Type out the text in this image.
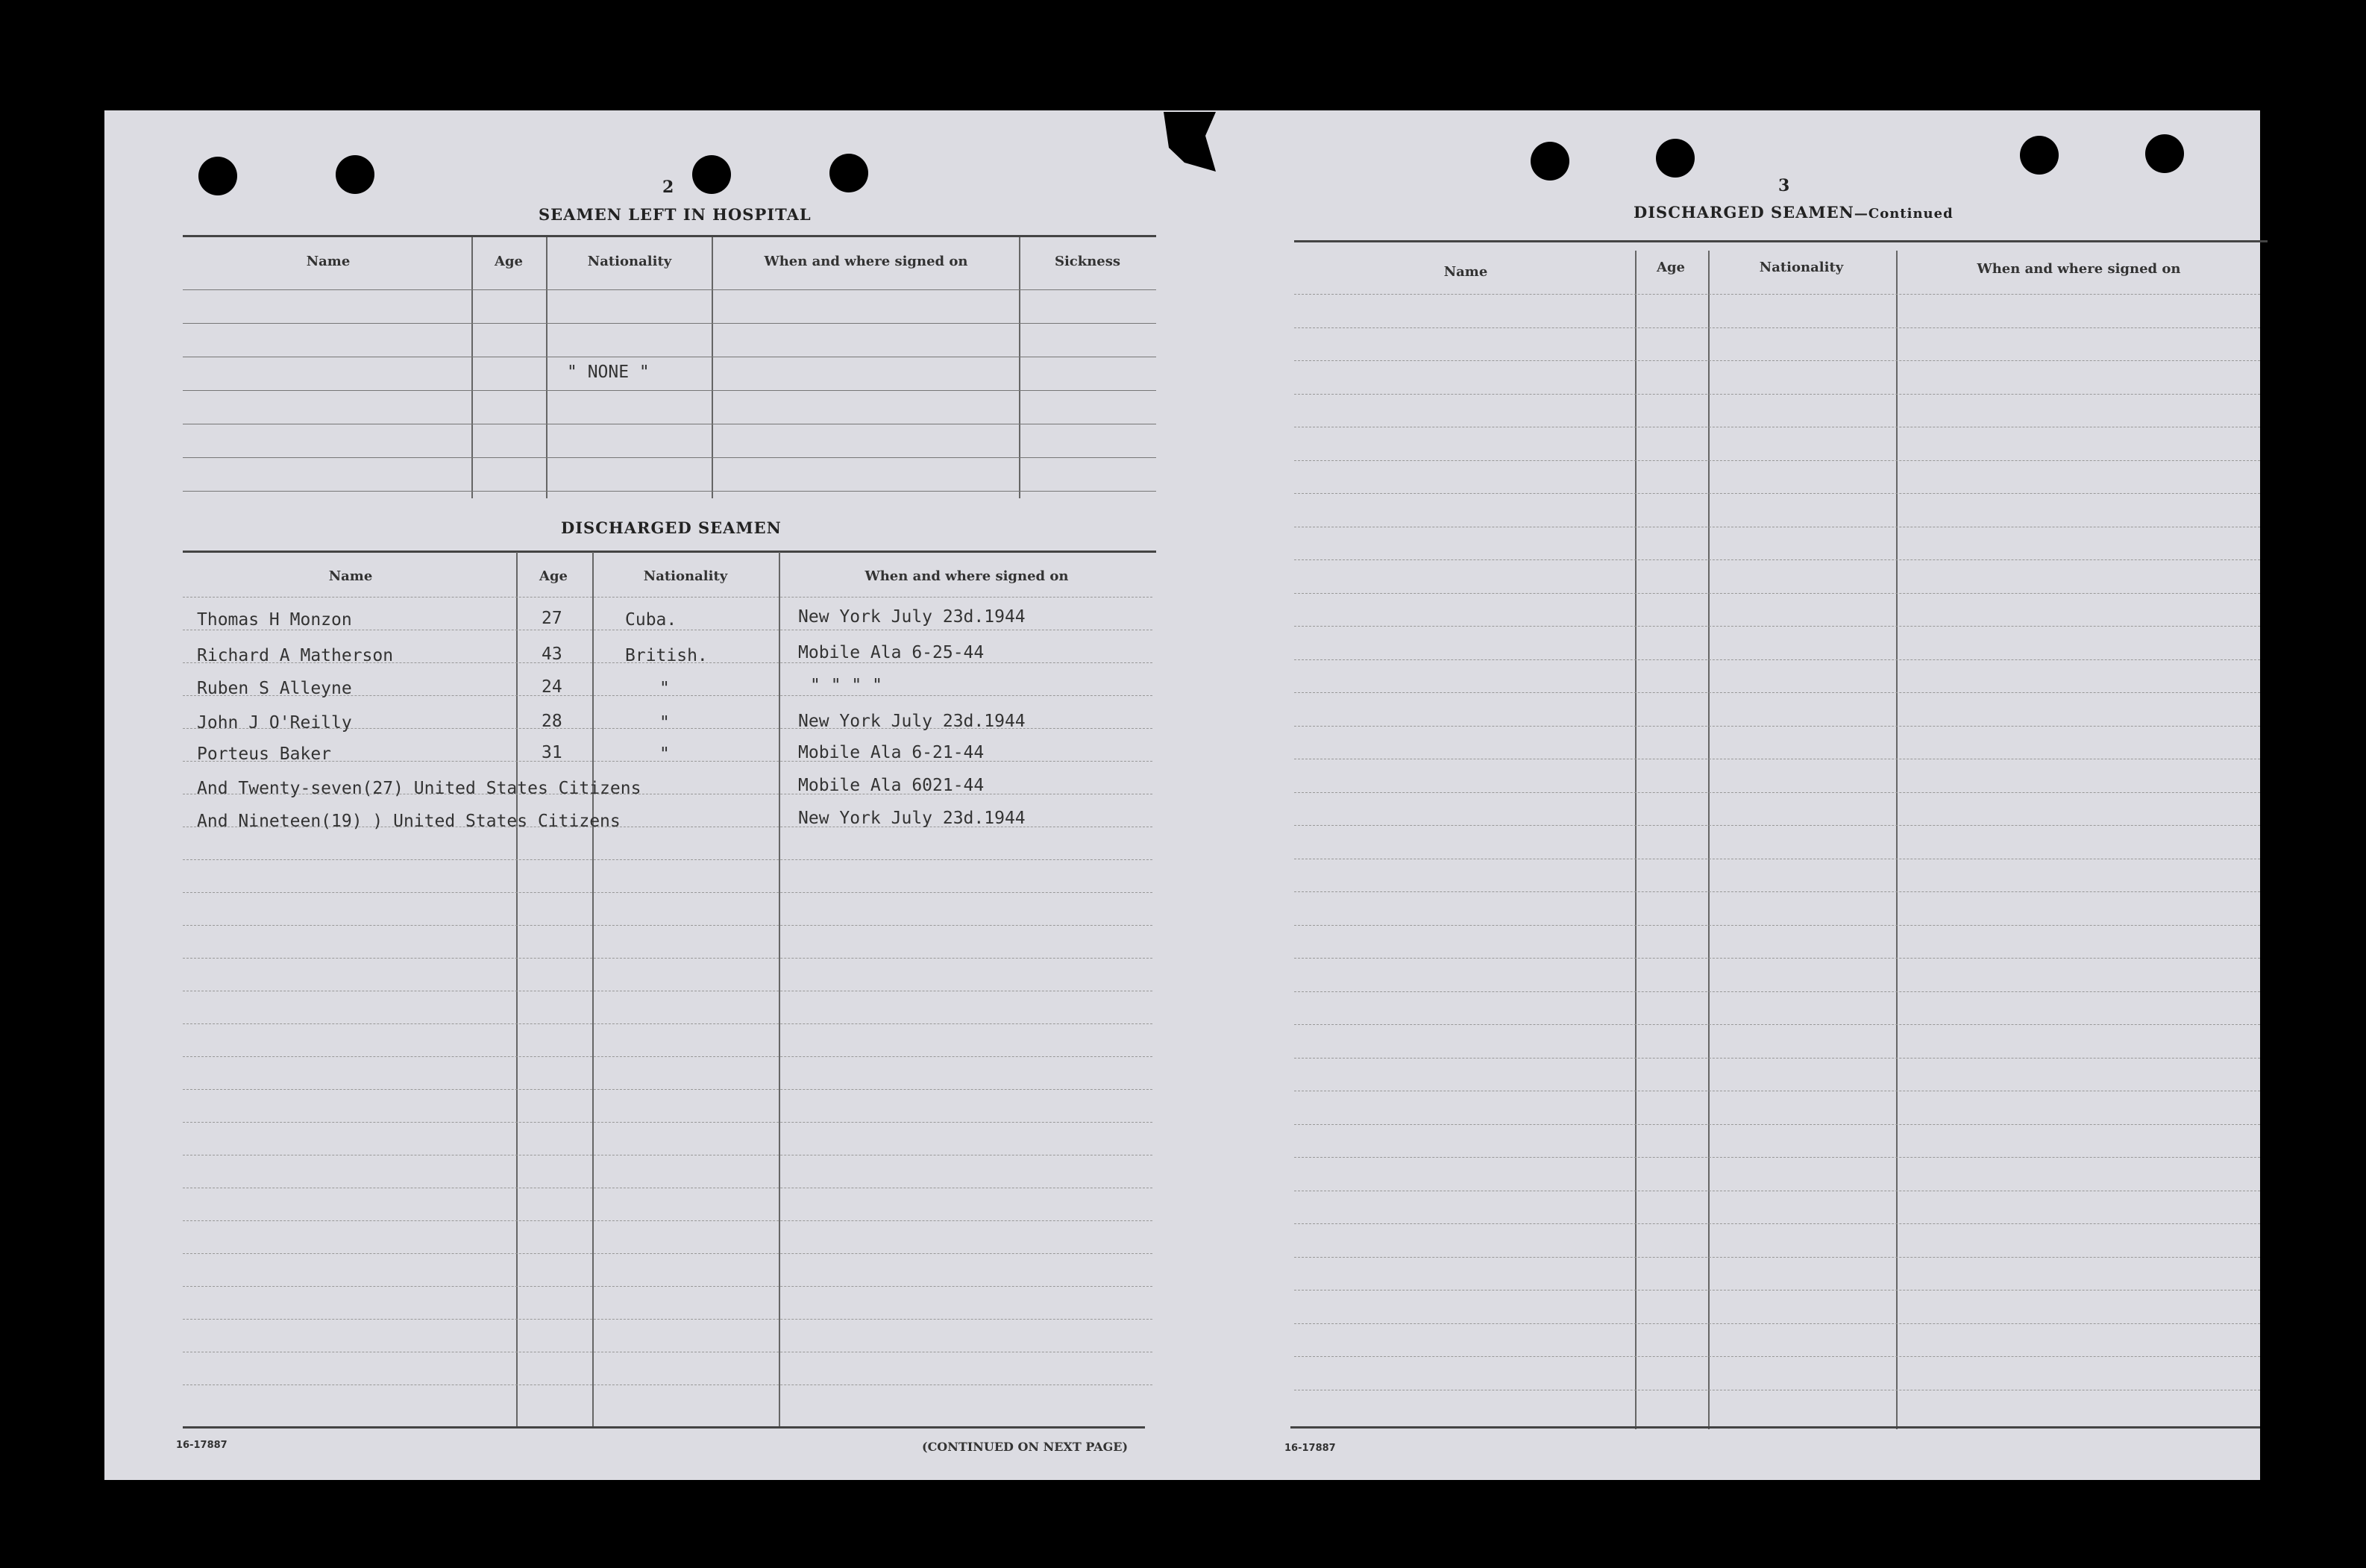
2
SEAMEN LEFT IN HOSPITAL
Name	Age	Nationality	When and where signed on	Sickness
" NONE "
DISCHARGED SEAMEN
Name	Age	Nationality	When and where signed on
Thomas H Monzon	27	Cuba.	New York July 23d.1944
Richard A Matherson	43	British.	Mobile Ala 6-25-44
Ruben S Alleyne	24	"	" " " "
John J O'Reilly	28	"	New York July 23d.1944
Porteus Baker	31	"	Mobile Ala 6-21-44
And Twenty-seven(27) United States Citizens	Mobile Ala 6021-44
And Nineteen(19) ) United States Citizens	New York July 23d.1944
16-17887	(CONTINUED ON NEXT PAGE)
3
DISCHARGED SEAMEN—Continued
Name	Age	Nationality	When and where signed on
16-17887
